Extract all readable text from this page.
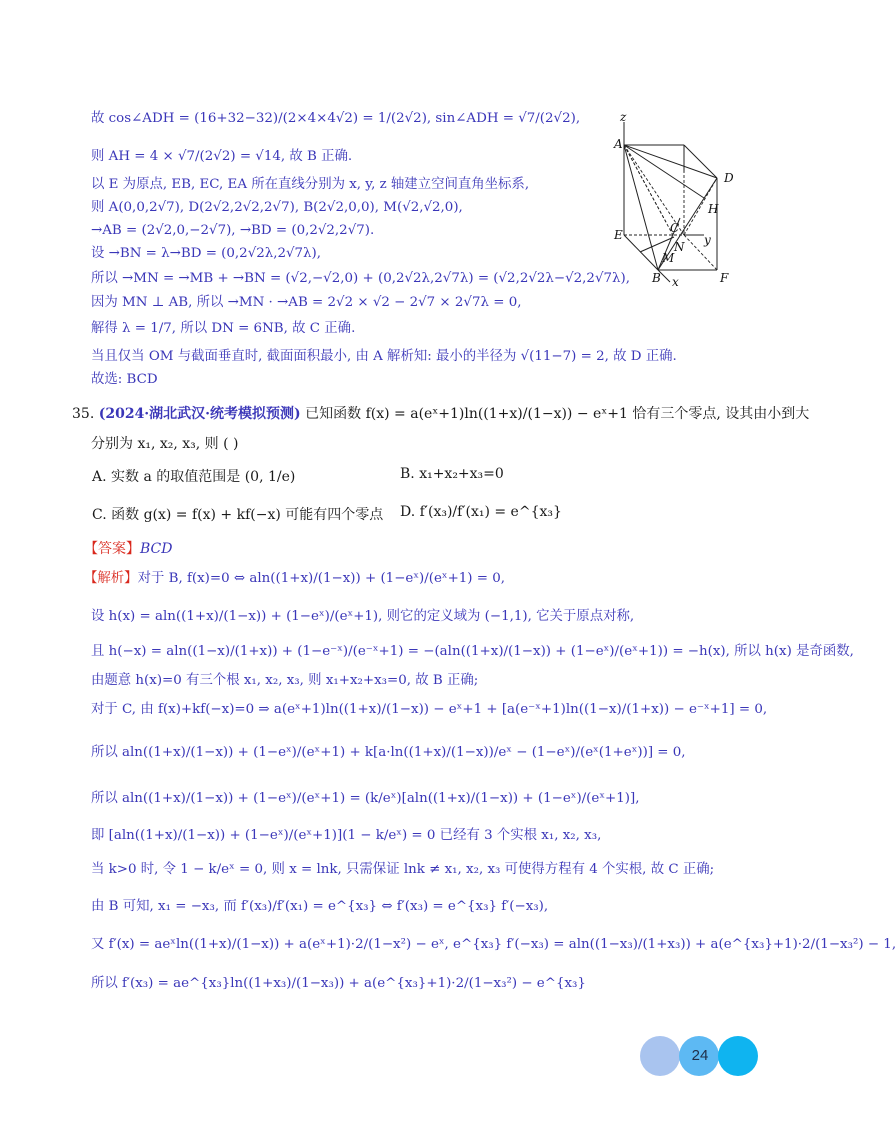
故 cos∠ADH = (16+32−32)/(2×4×4√2) = 1/(2√2), sin∠ADH = √7/(2√2),
则 AH = 4 × √7/(2√2) = √14, 故 B 正确.
以 E 为原点, EB, EC, EA 所在直线分别为 x, y, z 轴建立空间直角坐标系,
则 A(0,0,2√7), D(2√2,2√2,2√7), B(2√2,0,0), M(√2,√2,0),
→AB = (2√2,0,−2√7), →BD = (0,2√2,2√7).
设 →BN = λ→BD = (0,2√2λ,2√7λ),
所以 →MN = →MB + →BN = (√2,−√2,0) + (0,2√2λ,2√7λ) = (√2,2√2λ−√2,2√7λ),
因为 MN ⊥ AB, 所以 →MN · →AB = 2√2 × √2 − 2√7 × 2√7λ = 0,
解得 λ = 1/7, 所以 DN = 6NB, 故 C 正确.
当且仅当 OM 与截面垂直时, 截面面积最小, 由 A 解析知: 最小的半径为 √(11−7) = 2, 故 D 正确.
故选: BCD
z
A
D
H
E	C
y
N
M
B x	F
35. (2024·湖北武汉·统考模拟预测) 已知函数 f(x) = a(eˣ+1)ln((1+x)/(1−x)) − eˣ+1 恰有三个零点, 设其由小到大
分别为 x₁, x₂, x₃, 则 ( )
A. 实数 a 的取值范围是 (0, 1/e)	B. x₁+x₂+x₃=0
C. 函数 g(x) = f(x) + kf(−x) 可能有四个零点 D. f′(x₃)/f′(x₁) = e^{x₃}
【答案】BCD
【解析】对于 B, f(x)=0 ⇔ aln((1+x)/(1−x)) + (1−eˣ)/(eˣ+1) = 0,
设 h(x) = aln((1+x)/(1−x)) + (1−eˣ)/(eˣ+1), 则它的定义域为 (−1,1), 它关于原点对称,
且 h(−x) = aln((1−x)/(1+x)) + (1−e⁻ˣ)/(e⁻ˣ+1) = −(aln((1+x)/(1−x)) + (1−eˣ)/(eˣ+1)) = −h(x), 所以 h(x) 是奇函数,
由题意 h(x)=0 有三个根 x₁, x₂, x₃, 则 x₁+x₂+x₃=0, 故 B 正确;
对于 C, 由 f(x)+kf(−x)=0 ⇒ a(eˣ+1)ln((1+x)/(1−x)) − eˣ+1 + [a(e⁻ˣ+1)ln((1−x)/(1+x)) − e⁻ˣ+1] = 0,
所以 aln((1+x)/(1−x)) + (1−eˣ)/(eˣ+1) + k[a·ln((1+x)/(1−x))/eˣ − (1−eˣ)/(eˣ(1+eˣ))] = 0,
所以 aln((1+x)/(1−x)) + (1−eˣ)/(eˣ+1) = (k/eˣ)[aln((1+x)/(1−x)) + (1−eˣ)/(eˣ+1)],
即 [aln((1+x)/(1−x)) + (1−eˣ)/(eˣ+1)](1 − k/eˣ) = 0 已经有 3 个实根 x₁, x₂, x₃,
当 k>0 时, 令 1 − k/eˣ = 0, 则 x = lnk, 只需保证 lnk ≠ x₁, x₂, x₃ 可使得方程有 4 个实根, 故 C 正确;
由 B 可知, x₁ = −x₃, 而 f′(x₃)/f′(x₁) = e^{x₃} ⇔ f′(x₃) = e^{x₃} f′(−x₃),
又 f′(x) = aeˣln((1+x)/(1−x)) + a(eˣ+1)·2/(1−x²) − eˣ, e^{x₃} f′(−x₃) = aln((1−x₃)/(1+x₃)) + a(e^{x₃}+1)·2/(1−x₃²) − 1,
所以 f′(x₃) = ae^{x₃}ln((1+x₃)/(1−x₃)) + a(e^{x₃}+1)·2/(1−x₃²) − e^{x₃}
24
